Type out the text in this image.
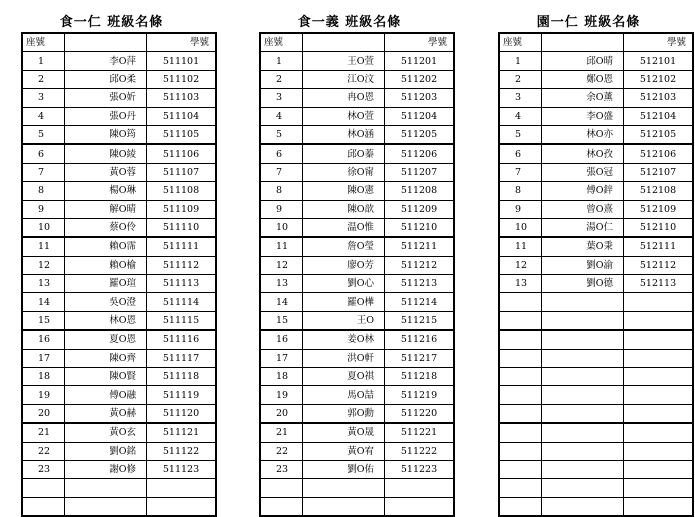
食一仁 班級名條
座號		學號
1	李O萍	511101
2	邱O柔	511102
3	張O妡	511103
4	張O丹	511104
5	陳O筠	511105
6	陳O綾	511106
7	黃O蓉	511107
8	楊O琳	511108
9	解O晴	511109
10	蔡O伶	511110
11	賴O霈	511111
12	賴O榆	511112
13	羅O瑄	511113
14	吳O澄	511114
15	林O恩	511115
16	夏O恩	511116
17	陳O齊	511117
18	陳O賢	511118
19	傅O融	511119
20	黃O赫	511120
21	黃O玄	511121
22	劉O銘	511122
23	謝O修	511123

食一義 班級名條
座號		學號
1	王O萱	511201
2	江O汶	511202
3	冉O恩	511203
4	林O萱	511204
5	林O涵	511205
6	邱O蓁	511206
7	徐O甯	511207
8	陳O憲	511208
9	陳O歆	511209
10	温O惟	511210
11	詹O瑩	511211
12	廖O芳	511212
13	劉O心	511213
14	羅O樺	511214
15	王O	511215
16	姜O林	511216
17	洪O軒	511217
18	夏O祺	511218
19	馬O喆	511219
20	郭O勳	511220
21	黃O晟	511221
22	黃O宥	511222
23	劉O佑	511223

園一仁 班級名條
座號		學號
1	邱O晴	512101
2	鄭O恩	512102
3	余O薰	512103
4	李O盛	512104
5	林O亦	512105
6	林O孜	512106
7	張O冠	512107
8	傅O鋅	512108
9	曾O熹	512109
10	湯O仁	512110
11	葉O秉	512111
12	劉O渝	512112
13	劉O德	512113
